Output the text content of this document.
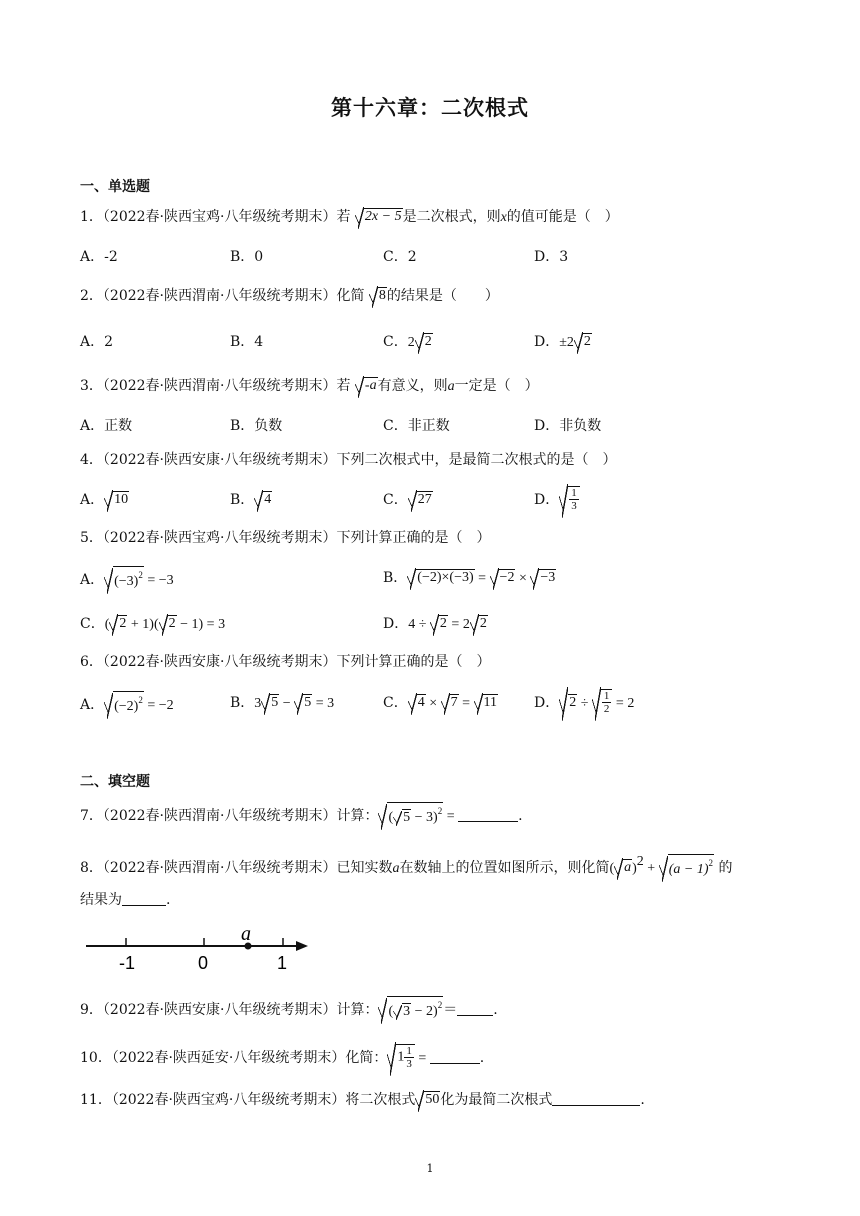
第十六章：二次根式
一、单选题
1．（2022春·陕西宝鸡·八年级统考期末）若 2x − 5是二次根式，则x的值可能是（　）
A．-2	B．0	C．2	D．3
2．（2022春·陕西渭南·八年级统考期末）化简 8的结果是（　　）
A．2	B．4	C．2 2	D．±2 2
3．（2022春·陕西渭南·八年级统考期末）若 -a有意义，则a一定是（　）
A．正数	B．负数	C．非正数	D．非负数
4．（2022春·陕西安康·八年级统考期末）下列二次根式中，是最简二次根式的是（　）
A． 10	B． 4	C． 27	D． $\frac{1}{3}$
5．（2022春·陕西宝鸡·八年级统考期末）下列计算正确的是（　）
A． $(-3)^2 = -3$	B． (−2)×(−3) = −2 × −3
C．( 2 + 1)( 2 − 1) = 3	D．4 ÷ 2 = 2 2
6．（2022春·陕西安康·八年级统考期末）下列计算正确的是（　）
A． $(-2)^2 = -2$	B．3 5 − 5 = 3	C． 4 × 7 = 11	D． $2 \div \frac{1}{2} = 2$
二、填空题
7．（2022春·陕西渭南·八年级统考期末）计算： ( 5 − 3)$^2$ =	.
8．（2022春·陕西渭南·八年级统考期末）已知实数a在数轴上的位置如图所示，则化简( $a)^2 + (a - 1)^2$ 的
结果为	.
-1	0	1
a
9．（2022春·陕西安康·八年级统考期末）计算： ( 3 − 2)$^2$＝	.
10．（2022春·陕西延安·八年级统考期末）化简： $1 \frac{1}{3}$ =	.
11．（2022春·陕西宝鸡·八年级统考期末）将二次根式 50化为最简二次根式	.
1
